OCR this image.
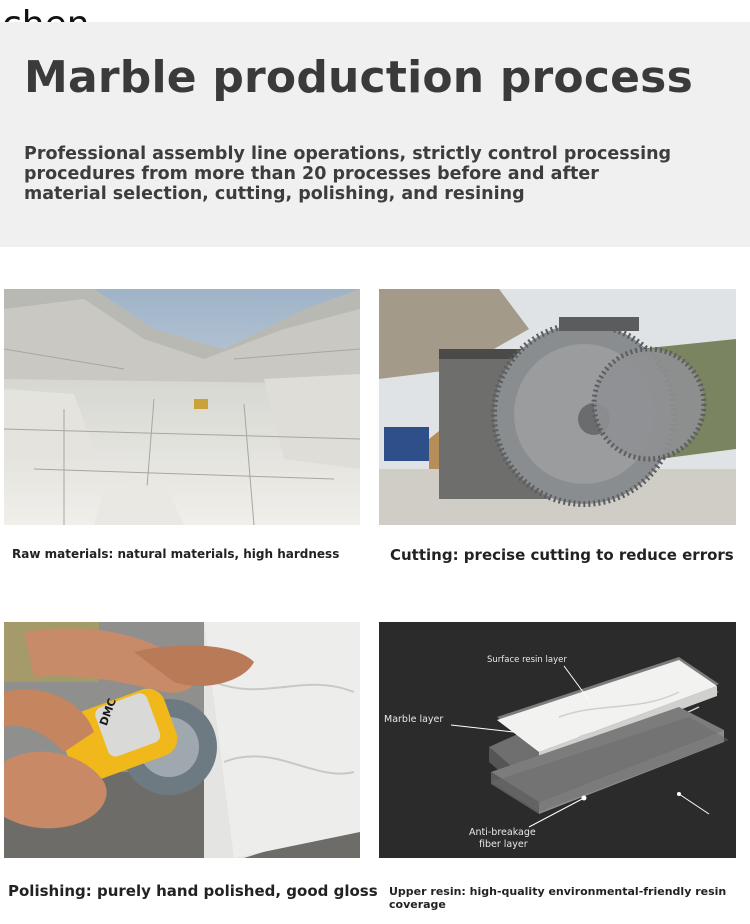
Marble production process
Professional assembly line operations, strictly control processing procedures from more than 20 processes before and after material selection, cutting, polishing, and resining
Raw materials: natural materials, high hardness	Cutting: precise cutting to reduce errors
DMC
Polishing: purely hand polished, good gloss
Surface resin layer
Marble layer
Anti-breakage
fiber layer
Upper resin: high-quality environmental-friendly resin coverage
